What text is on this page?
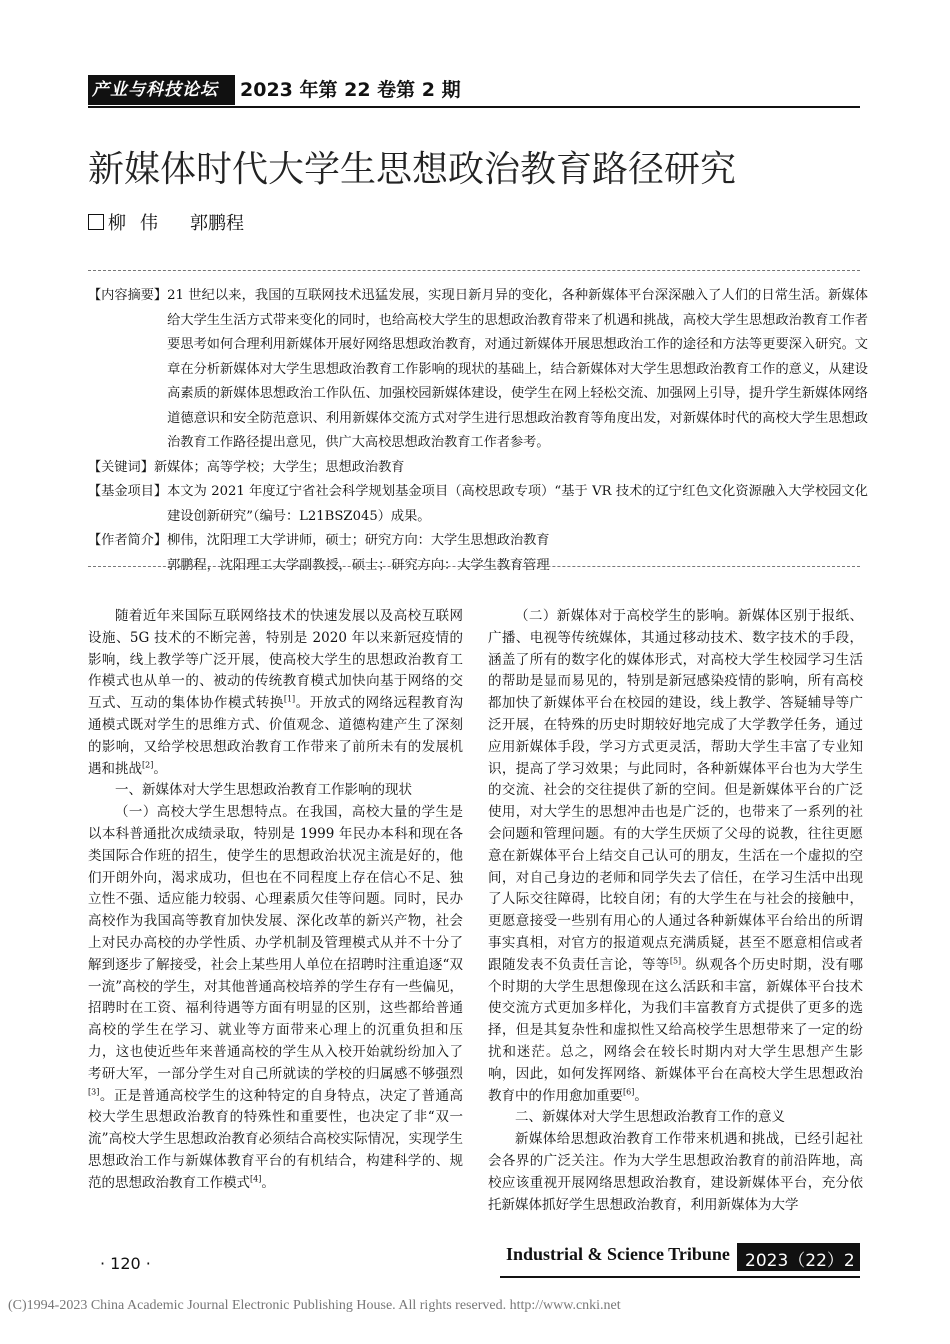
产业与科技论坛 2023 年第 22 卷第 2 期
新媒体时代大学生思想政治教育路径研究
柳伟 郭鹏程
【内容摘要】 21 世纪以来，我国的互联网技术迅猛发展，实现日新月异的变化，各种新媒体平台深深融入了人们的日常生活。新媒体给大学生生活方式带来变化的同时，也给高校大学生的思想政治教育带来了机遇和挑战，高校大学生思想政治教育工作者要思考如何合理利用新媒体开展好网络思想政治教育，对通过新媒体开展思想政治工作的途径和方法等更要深入研究。文章在分析新媒体对大学生思想政治教育工作影响的现状的基础上，结合新媒体对大学生思想政治教育工作的意义，从建设高素质的新媒体思想政治工作队伍、加强校园新媒体建设，使学生在网上轻松交流、加强网上引导，提升学生新媒体网络道德意识和安全防范意识、利用新媒体交流方式对学生进行思想政治教育等角度出发，对新媒体时代的高校大学生思想政治教育工作路径提出意见，供广大高校思想政治教育工作者参考。
【关键词】 新媒体；高等学校；大学生；思想政治教育
【基金项目】 本文为 2021 年度辽宁省社会科学规划基金项目（高校思政专项）“基于 VR 技术的辽宁红色文化资源融入大学校园文化建设创新研究”（编号：L21BSZ045）成果。
【作者简介】 柳伟，沈阳理工大学讲师，硕士；研究方向：大学生思想政治教育
郭鹏程，沈阳理工大学副教授，硕士；研究方向：大学生教育管理

随着近年来国际互联网络技术的快速发展以及高校互联网设施、5G 技术的不断完善，特别是 2020 年以来新冠疫情的影响，线上教学等广泛开展，使高校大学生的思想政治教育工作模式也从单一的、被动的传统教育模式加快向基于网络的交互式、互动的集体协作模式转换[1]。开放式的网络远程教育沟通模式既对学生的思维方式、价值观念、道德构建产生了深刻的影响，又给学校思想政治教育工作带来了前所未有的发展机遇和挑战[2]。

一、新媒体对大学生思想政治教育工作影响的现状

（一）高校大学生思想特点。在我国，高校大量的学生是以本科普通批次成绩录取，特别是 1999 年民办本科和现在各类国际合作班的招生，使学生的思想政治状况主流是好的，他们开朗外向，渴求成功，但也在不同程度上存在信心不足、独立性不强、适应能力较弱、心理素质欠佳等问题。同时，民办高校作为我国高等教育加快发展、深化改革的新兴产物，社会上对民办高校的办学性质、办学机制及管理模式从并不十分了解到逐步了解接受，社会上某些用人单位在招聘时注重追逐“双一流”高校的学生，对其他普通高校培养的学生存有一些偏见，招聘时在工资、福利待遇等方面有明显的区别，这些都给普通高校的学生在学习、就业等方面带来心理上的沉重负担和压力，这也使近些年来普通高校的学生从入校开始就纷纷加入了考研大军，一部分学生对自己所就读的学校的归属感不够强烈[3]。正是普通高校学生的这种特定的自身特点，决定了普通高校大学生思想政治教育的特殊性和重要性，也决定了非“双一流”高校大学生思想政治教育必须结合高校实际情况，实现学生思想政治工作与新媒体教育平台的有机结合，构建科学的、规范的思想政治教育工作模式[4]。

（二）新媒体对于高校学生的影响。新媒体区别于报纸、广播、电视等传统媒体，其通过移动技术、数字技术的手段，涵盖了所有的数字化的媒体形式，对高校大学生校园学习生活的帮助是显而易见的，特别是新冠感染疫情的影响，所有高校都加快了新媒体平台在校园的建设，线上教学、答疑辅导等广泛开展，在特殊的历史时期较好地完成了大学教学任务，通过应用新媒体手段，学习方式更灵活，帮助大学生丰富了专业知识，提高了学习效果；与此同时，各种新媒体平台也为大学生的交流、社会的交往提供了新的空间。但是新媒体平台的广泛使用，对大学生的思想冲击也是广泛的，也带来了一系列的社会问题和管理问题。有的大学生厌烦了父母的说教，往往更愿意在新媒体平台上结交自己认可的朋友，生活在一个虚拟的空间，对自己身边的老师和同学失去了信任，在学习生活中出现了人际交往障碍，比较自闭；有的大学生在与社会的接触中，更愿意接受一些别有用心的人通过各种新媒体平台给出的所谓事实真相，对官方的报道观点充满质疑，甚至不愿意相信或者跟随发表不负责任言论，等等[5]。纵观各个历史时期，没有哪个时期的大学生思想像现在这么活跃和丰富，新媒体平台技术使交流方式更加多样化，为我们丰富教育方式提供了更多的选择，但是其复杂性和虚拟性又给高校学生思想带来了一定的纷扰和迷茫。总之，网络会在较长时期内对大学生思想产生影响，因此，如何发挥网络、新媒体平台在高校大学生思想政治教育中的作用愈加重要[6]。

二、新媒体对大学生思想政治教育工作的意义

新媒体给思想政治教育工作带来机遇和挑战，已经引起社会各界的广泛关注。作为大学生思想政治教育的前沿阵地，高校应该重视开展网络思想政治教育，建设新媒体平台，充分依托新媒体抓好学生思想政治教育，利用新媒体为大学

· 120 ·	Industrial & Science Tribune 2023（22）2
(C)1994-2023 China Academic Journal Electronic Publishing House. All rights reserved. http://www.cnki.net
